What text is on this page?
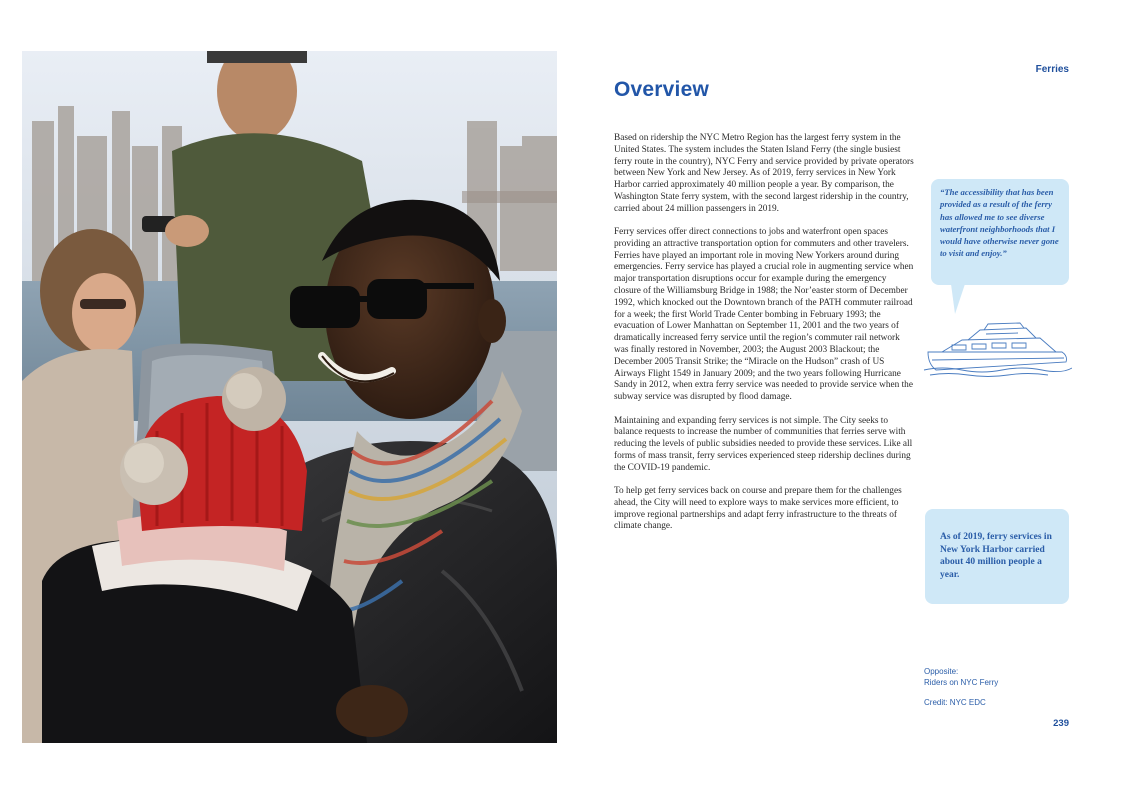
Ferries
Overview

Based on ridership the NYC Metro Region has the largest ferry system in the United States. The system includes the Staten Island Ferry (the single busiest ferry route in the country), NYC Ferry and service provided by private operators between New York and New Jersey. As of 2019, ferry services in New York Harbor carried approximately 40 million people a year. By comparison, the Washington State ferry system, with the second largest ridership in the country, carried about 24 million passengers in 2019.

Ferry services offer direct connections to jobs and waterfront open spaces providing an attractive transportation option for commuters and other travelers. Ferries have played an important role in moving New Yorkers around during emergencies. Ferry service has played a crucial role in augmenting service when major transportation disruptions occur for example during the emergency closure of the Williamsburg Bridge in 1988; the Nor’easter storm of December 1992, which knocked out the Downtown branch of the PATH commuter railroad for a week; the first World Trade Center bombing in February 1993; the evacuation of Lower Manhattan on September 11, 2001 and the two years of dramatically increased ferry service until the region’s commuter rail network was finally restored in November, 2003; the August 2003 Blackout; the December 2005 Transit Strike; the “Miracle on the Hudson” crash of US Airways Flight 1549 in January 2009; and the two years following Hurricane Sandy in 2012, when extra ferry service was needed to provide service when the subway service was disrupted by flood damage.

Maintaining and expanding ferry services is not simple. The City seeks to balance requests to increase the number of communities that ferries serve with reducing the levels of public subsidies needed to provide these services. Like all forms of mass transit, ferry services experienced steep ridership declines during the COVID-19 pandemic.

To help get ferry services back on course and prepare them for the challenges ahead, the City will need to explore ways to make services more efficient, to improve regional partnerships and adapt ferry infrastructure to the threats of climate change.

“The accessibility that has been provided as a result of the ferry has allowed me to see diverse waterfront neighborhoods that I would have otherwise never gone to visit and enjoy.”
As of 2019, ferry services in New York Harbor carried about 40 million people a year.
Opposite:
Riders on NYC Ferry
Credit: NYC EDC
239
